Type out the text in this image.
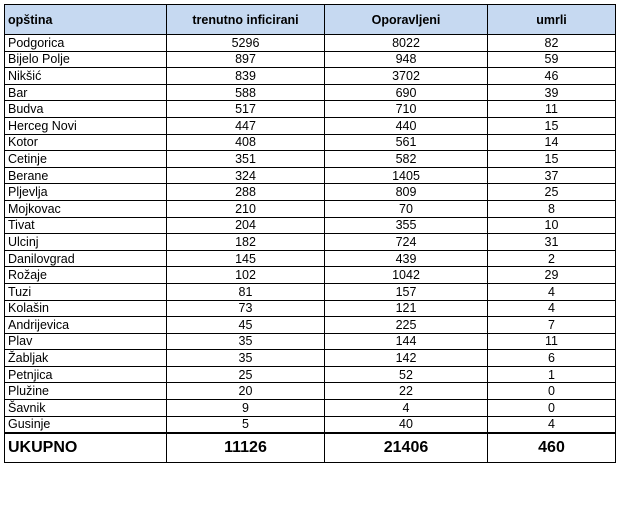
opština	trenutno inficirani	Oporavljeni	umrli
Podgorica	5296	8022	82
Bijelo Polje	897	948	59
Nikšić	839	3702	46
Bar	588	690	39
Budva	517	710	11
Herceg Novi	447	440	15
Kotor	408	561	14
Cetinje	351	582	15
Berane	324	1405	37
Pljevlja	288	809	25
Mojkovac	210	70	8
Tivat	204	355	10
Ulcinj	182	724	31
Danilovgrad	145	439	2
Rožaje	102	1042	29
Tuzi	81	157	4
Kolašin	73	121	4
Andrijevica	45	225	7
Plav	35	144	11
Žabljak	35	142	6
Petnjica	25	52	1
Plužine	20	22	0
Šavnik	9	4	0
Gusinje	5	40	4
UKUPNO	11126	21406	460
